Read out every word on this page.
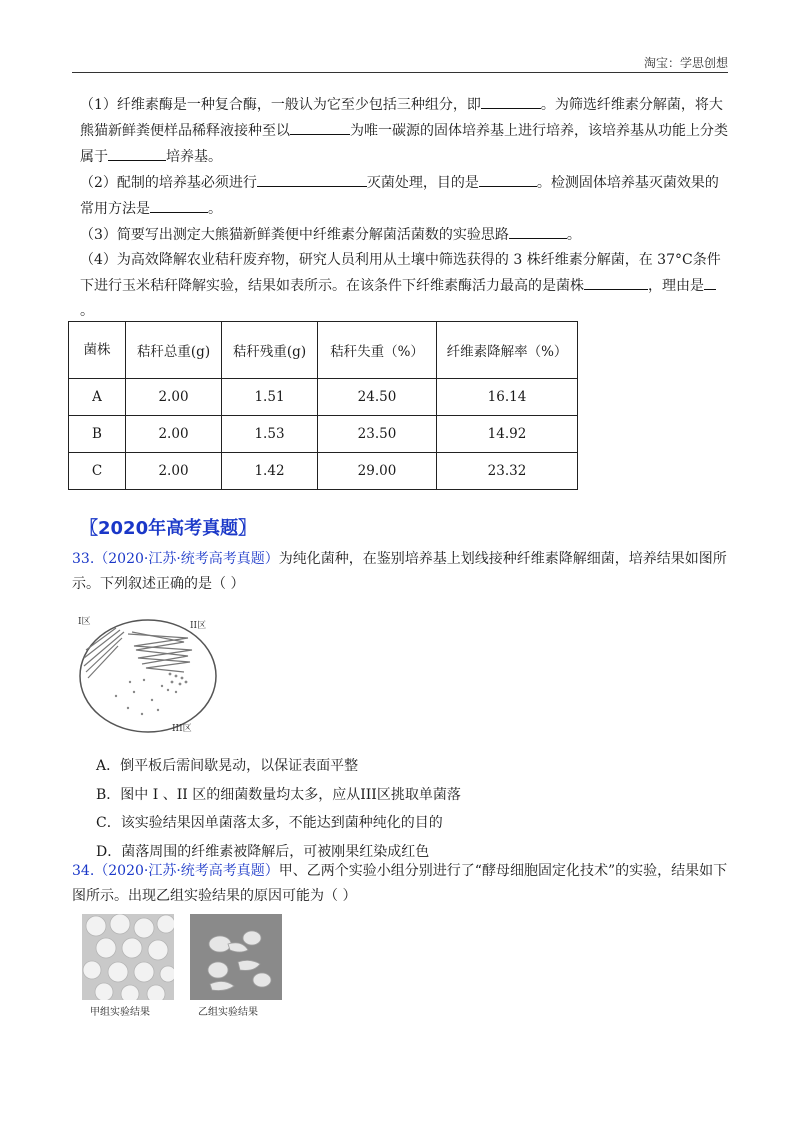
淘宝：学思创想

（1）纤维素酶是一种复合酶，一般认为它至少包括三种组分，即	。为筛选纤维素分解菌，将大熊猫新鲜粪便样品稀释液接种至以	为唯一碳源的固体培养基上进行培养，该培养基从功能上分类属于	培养基。

（2）配制的培养基必须进行	灭菌处理，目的是	。检测固体培养基灭菌效果的常用方法是	。

（3）简要写出测定大熊猫新鲜粪便中纤维素分解菌活菌数的实验思路	。

（4）为高效降解农业秸秆废弃物，研究人员利用从土壤中筛选获得的 3 株纤维素分解菌，在 37°C条件下进行玉米秸秆降解实验，结果如表所示。在该条件下纤维素酶活力最高的是菌株	，理由是
。

菌株	秸秆总重(g)	秸秆残重(g)	秸秆失重（%）	纤维素降解率（%）
A	2.00	1.51	24.50	16.14
B	2.00	1.53	23.50	14.92
C	2.00	1.42	29.00	23.32
〖2020年高考真题〗
33.（2020·江苏·统考高考真题）为纯化菌种，在鉴别培养基上划线接种纤维素降解细菌，培养结果如图所示。下列叙述正确的是（ ）
I区	II区
III区
A．倒平板后需间歇晃动，以保证表面平整
B．图中 I 、II 区的细菌数量均太多，应从III区挑取单菌落
C．该实验结果因单菌落太多，不能达到菌种纯化的目的
D．菌落周围的纤维素被降解后，可被刚果红染成红色
34.（2020·江苏·统考高考真题）甲、乙两个实验小组分别进行了“酵母细胞固定化技术”的实验，结果如下图所示。出现乙组实验结果的原因可能为（ ）
甲组实验结果	乙组实验结果
